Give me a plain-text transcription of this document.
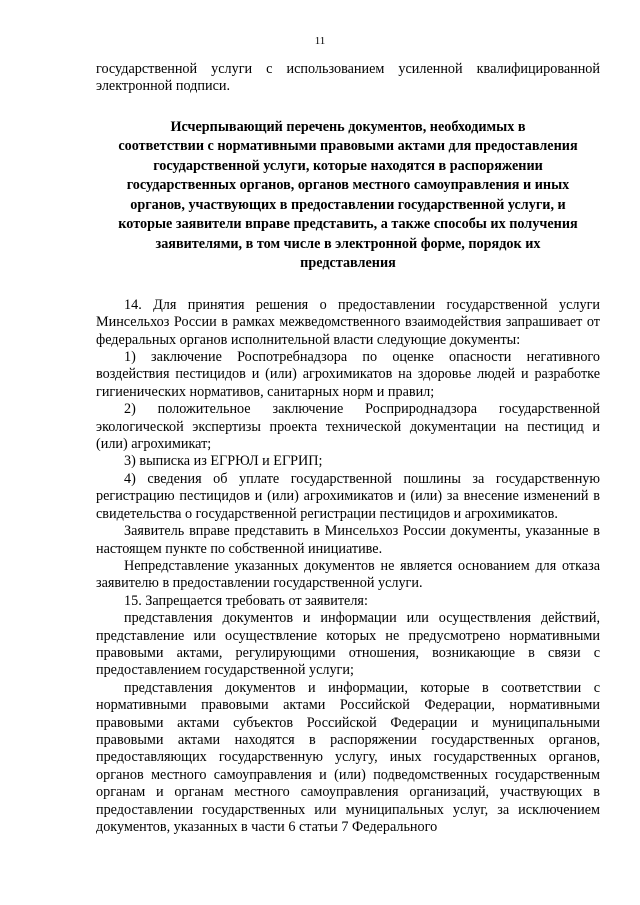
11

государственной услуги с использованием усиленной квалифицированной электронной подписи.

Исчерпывающий перечень документов, необходимых в
соответствии с нормативными правовыми актами для предоставления
государственной услуги, которые находятся в распоряжении
государственных органов, органов местного самоуправления и иных
органов, участвующих в предоставлении государственной услуги, и
которые заявители вправе представить, а также способы их получения
заявителями, в том числе в электронной форме, порядок их
представления

14. Для принятия решения о предоставлении государственной услуги Минсельхоз России в рамках межведомственного взаимодействия запрашивает от федеральных органов исполнительной власти следующие документы:

1) заключение Роспотребнадзора по оценке опасности негативного воздействия пестицидов и (или) агрохимикатов на здоровье людей и разработке гигиенических нормативов, санитарных норм и правил;

2) положительное заключение Росприроднадзора государственной экологической экспертизы проекта технической документации на пестицид и (или) агрохимикат;

3) выписка из ЕГРЮЛ и ЕГРИП;

4) сведения об уплате государственной пошлины за государственную регистрацию пестицидов и (или) агрохимикатов и (или) за внесение изменений в свидетельства о государственной регистрации пестицидов и агрохимикатов.

Заявитель вправе представить в Минсельхоз России документы, указанные в настоящем пункте по собственной инициативе.

Непредставление указанных документов не является основанием для отказа заявителю в предоставлении государственной услуги.

15. Запрещается требовать от заявителя:

представления документов и информации или осуществления действий, представление или осуществление которых не предусмотрено нормативными правовыми актами, регулирующими отношения, возникающие в связи с предоставлением государственной услуги;

представления документов и информации, которые в соответствии с нормативными правовыми актами Российской Федерации, нормативными правовыми актами субъектов Российской Федерации и муниципальными правовыми актами находятся в распоряжении государственных органов, предоставляющих государственную услугу, иных государственных органов, органов местного самоуправления и (или) подведомственных государственным органам и органам местного самоуправления организаций, участвующих в предоставлении государственных или муниципальных услуг, за исключением документов, указанных в части 6 статьи 7 Федерального
